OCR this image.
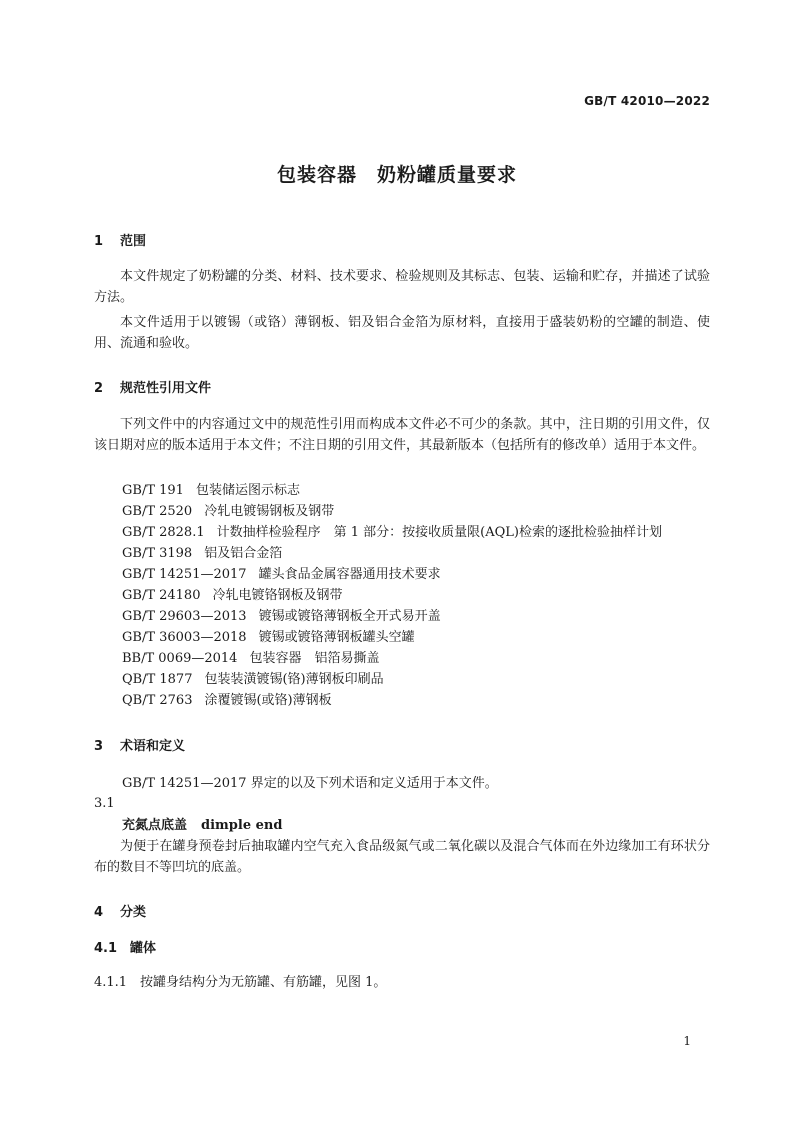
GB/T 42010—2022
包装容器　奶粉罐质量要求
1 范围
本文件规定了奶粉罐的分类、材料、技术要求、检验规则及其标志、包装、运输和贮存，并描述了试验方法。
本文件适用于以镀锡（或铬）薄钢板、铝及铝合金箔为原材料，直接用于盛装奶粉的空罐的制造、使用、流通和验收。
2 规范性引用文件
下列文件中的内容通过文中的规范性引用而构成本文件必不可少的条款。其中，注日期的引用文件，仅该日期对应的版本适用于本文件；不注日期的引用文件，其最新版本（包括所有的修改单）适用于本文件。
GB/T 191 包装储运图示标志
GB/T 2520 冷轧电镀锡钢板及钢带
GB/T 2828.1 计数抽样检验程序　第 1 部分：按接收质量限(AQL)检索的逐批检验抽样计划
GB/T 3198 铝及铝合金箔
GB/T 14251—2017 罐头食品金属容器通用技术要求
GB/T 24180 冷轧电镀铬钢板及钢带
GB/T 29603—2013 镀锡或镀铬薄钢板全开式易开盖
GB/T 36003—2018 镀锡或镀铬薄钢板罐头空罐
BB/T 0069—2014 包装容器　铝箔易撕盖
QB/T 1877 包装装潢镀锡(铬)薄钢板印刷品
QB/T 2763 涂覆镀锡(或铬)薄钢板
3 术语和定义
GB/T 14251—2017 界定的以及下列术语和定义适用于本文件。
3.1
充氮点底盖 dimple end
为便于在罐身预卷封后抽取罐内空气充入食品级氮气或二氧化碳以及混合气体而在外边缘加工有环状分布的数目不等凹坑的底盖。
4 分类
4.1 罐体
4.1.1 按罐身结构分为无筋罐、有筋罐，见图 1。
1
